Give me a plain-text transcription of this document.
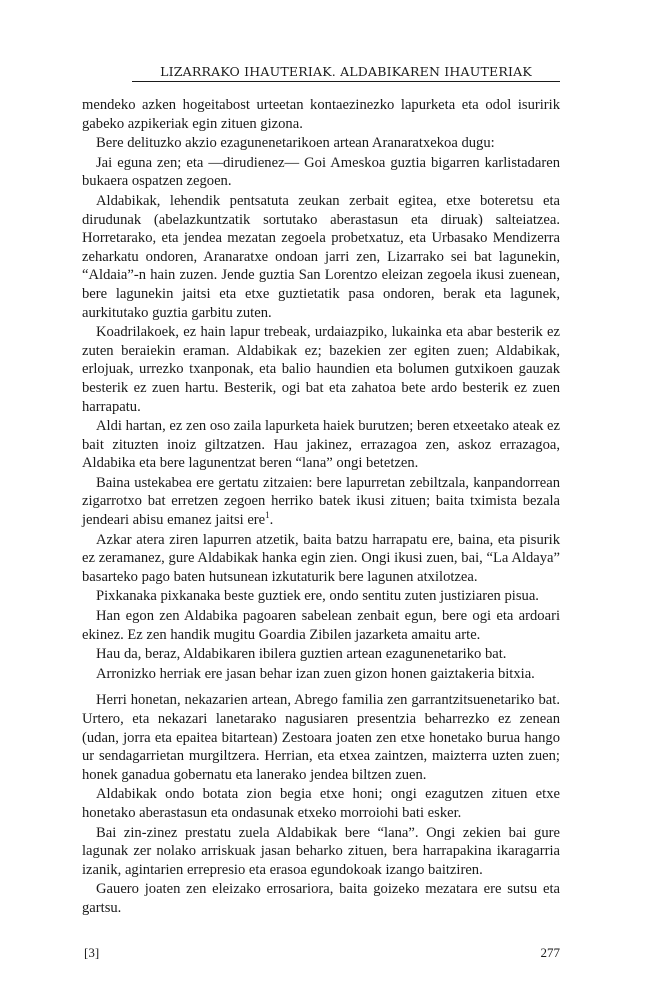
LIZARRAKO IHAUTERIAK. ALDABIKAREN IHAUTERIAK

mendeko azken hogeitabost urteetan kontaezinezko lapurketa eta odol isuririk gabeko azpikeriak egin zituen gizona.

Bere delituzko akzio ezagunenetarikoen artean Aranaratxekoa dugu:

Jai eguna zen; eta —dirudienez— Goi Ameskoa guztia bigarren karlistadaren bukaera ospatzen zegoen.

Aldabikak, lehendik pentsatuta zeukan zerbait egitea, etxe boteretsu eta dirudunak (abelazkuntzatik sortutako aberastasun eta diruak) salteiatzea. Horretarako, eta jendea mezatan zegoela probetxatuz, eta Urbasako Mendizerra zeharkatu ondoren, Aranaratxe ondoan jarri zen, Lizarrako sei bat lagunekin, “Aldaia”-n hain zuzen. Jende guztia San Lorentzo eleizan zegoela ikusi zuenean, bere lagunekin jaitsi eta etxe guztietatik pasa ondoren, berak eta lagunek, aurkitutako guztia garbitu zuten.

Koadrilakoek, ez hain lapur trebeak, urdaiazpiko, lukainka eta abar besterik ez zuten beraiekin eraman. Aldabikak ez; bazekien zer egiten zuen; Aldabikak, erlojuak, urrezko txanponak, eta balio haundien eta bolumen gutxikoen gauzak besterik ez zuen hartu. Besterik, ogi bat eta zahatoa bete ardo besterik ez zuen harrapatu.

Aldi hartan, ez zen oso zaila lapurketa haiek burutzen; beren etxeetako ateak ez bait zituzten inoiz giltzatzen. Hau jakinez, errazagoa zen, askoz errazagoa, Aldabika eta bere lagunentzat beren “lana” ongi betetzen.

Baina ustekabea ere gertatu zitzaien: bere lapurretan zebiltzala, kanpandorrean zigarrotxo bat erretzen zegoen herriko batek ikusi zituen; baita tximista bezala jendeari abisu emanez jaitsi ere$^1$.

Azkar atera ziren lapurren atzetik, baita batzu harrapatu ere, baina, eta pisurik ez zeramanez, gure Aldabikak hanka egin zien. Ongi ikusi zuen, bai, “La Aldaya” basarteko pago baten hutsunean izkutaturik bere lagunen atxilotzea.

Pixkanaka pixkanaka beste guztiek ere, ondo sentitu zuten justiziaren pisua.

Han egon zen Aldabika pagoaren sabelean zenbait egun, bere ogi eta ardoari ekinez. Ez zen handik mugitu Goardia Zibilen jazarketa amaitu arte.

Hau da, beraz, Aldabikaren ibilera guztien artean ezagunenetariko bat.

Arronizko herriak ere jasan behar izan zuen gizon honen gaiztakeria bitxia.

Herri honetan, nekazarien artean, Abrego familia zen garrantzitsuenetariko bat. Urtero, eta nekazari lanetarako nagusiaren presentzia beharrezko ez zenean (udan, jorra eta epaitea bitartean) Zestoara joaten zen etxe honetako burua hango ur sendagarrietan murgiltzera. Herrian, eta etxea zaintzen, maizterra uzten zuen; honek ganadua gobernatu eta lanerako jendea biltzen zuen.

Aldabikak ondo botata zion begia etxe honi; ongi ezagutzen zituen etxe honetako aberastasun eta ondasunak etxeko morroiohi bati esker.

Bai zin-zinez prestatu zuela Aldabikak bere “lana”. Ongi zekien bai gure lagunak zer nolako arriskuak jasan beharko zituen, bera harrapakina ikaragarria izanik, agintarien errepresio eta erasoa egundokoak izango baitziren.

Gauero joaten zen eleizako errosariora, baita goizeko mezatara ere sutsu eta gartsu.

[3]	277
